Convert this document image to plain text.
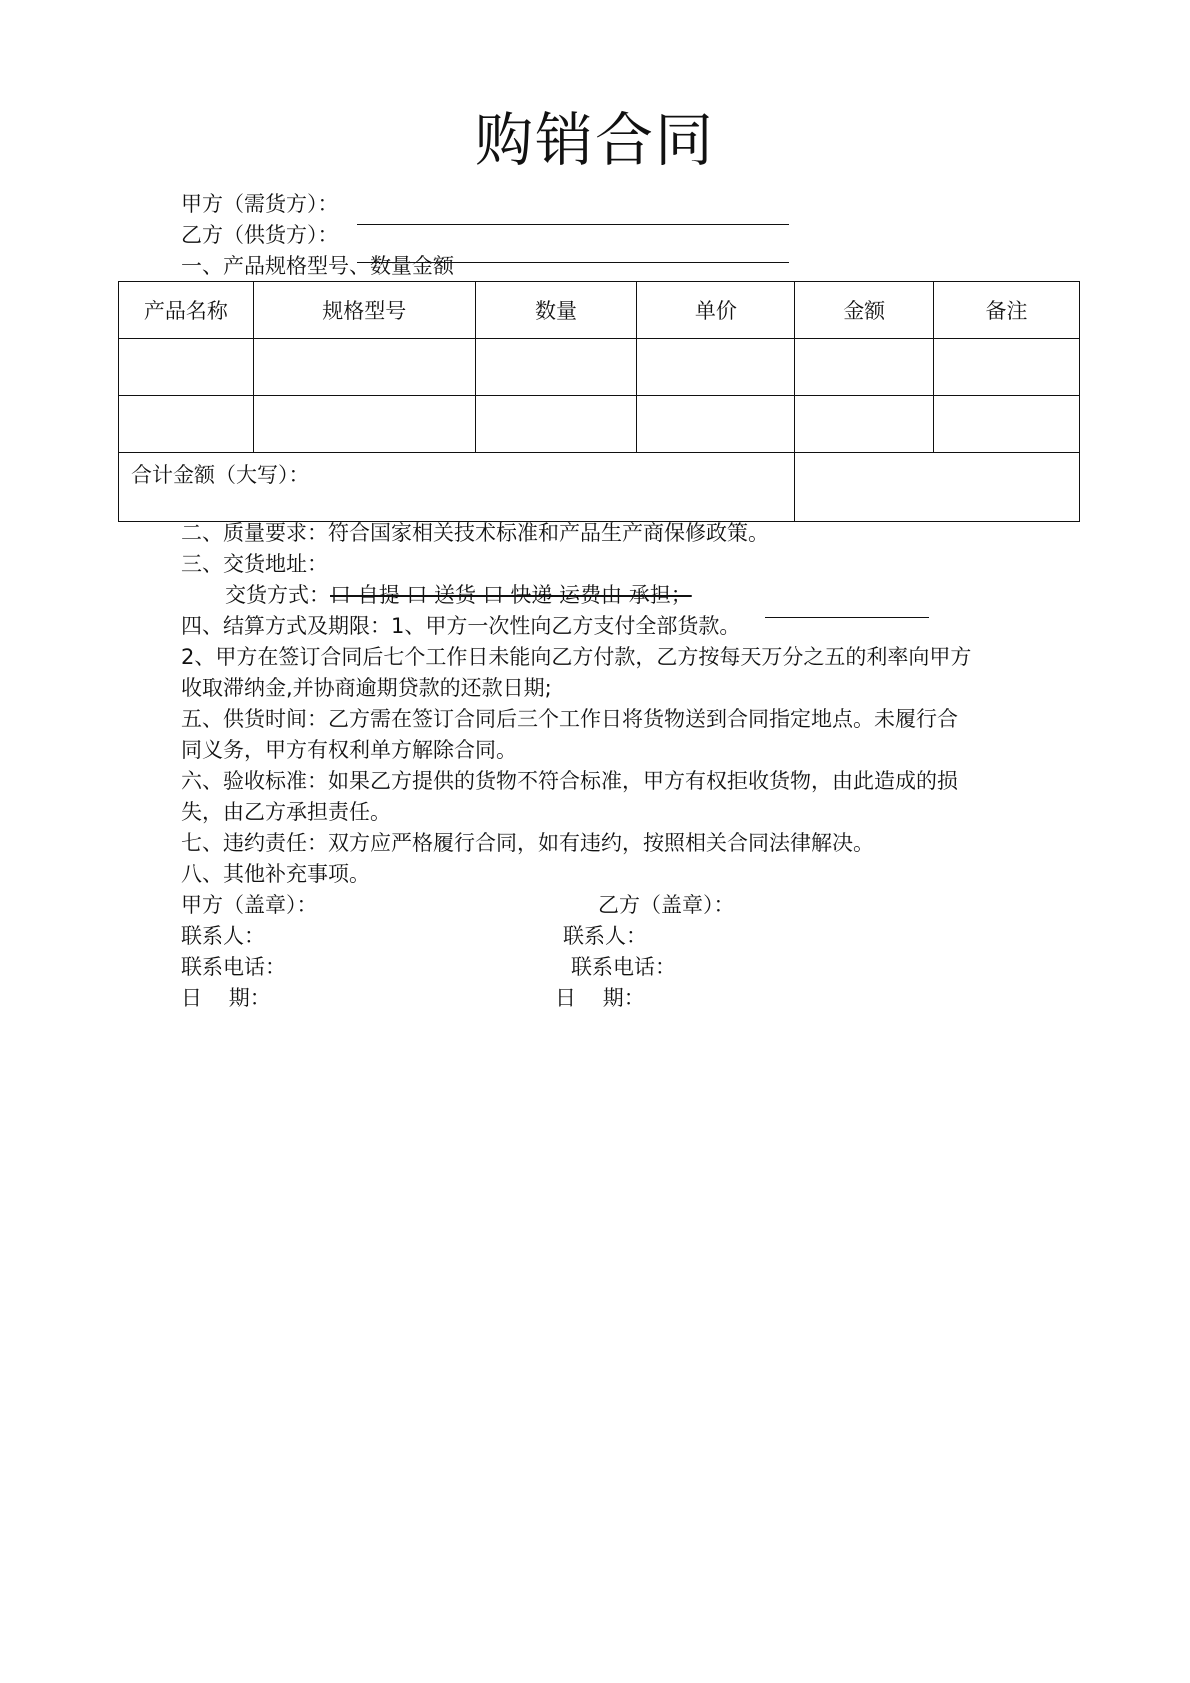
购销合同
甲方（需货方）：
乙方（供货方）：
一、产品规格型号、数量金额
产品名称	规格型号	数量	单价	金额	备注

合计金额（大写）：					
二、质量要求：符合国家相关技术标准和产品生产商保修政策。
三、交货地址：
交货方式：口 自提 口 送货 口 快递 运费由 承担；
四、结算方式及期限：1、甲方一次性向乙方支付全部货款。
2、甲方在签订合同后七个工作日未能向乙方付款，乙方按每天万分之五的利率向甲方
收取滞纳金,并协商逾期贷款的还款日期;
五、供货时间：乙方需在签订合同后三个工作日将货物送到合同指定地点。未履行合
同义务，甲方有权利单方解除合同。
六、验收标准：如果乙方提供的货物不符合标准，甲方有权拒收货物，由此造成的损
失，由乙方承担责任。
七、违约责任：双方应严格履行合同，如有违约，按照相关合同法律解决。
八、其他补充事项。
甲方（盖章）：	乙方（盖章）：
联系人：	联系人：
联系电话：	联系电话：
日    期：	日    期：
